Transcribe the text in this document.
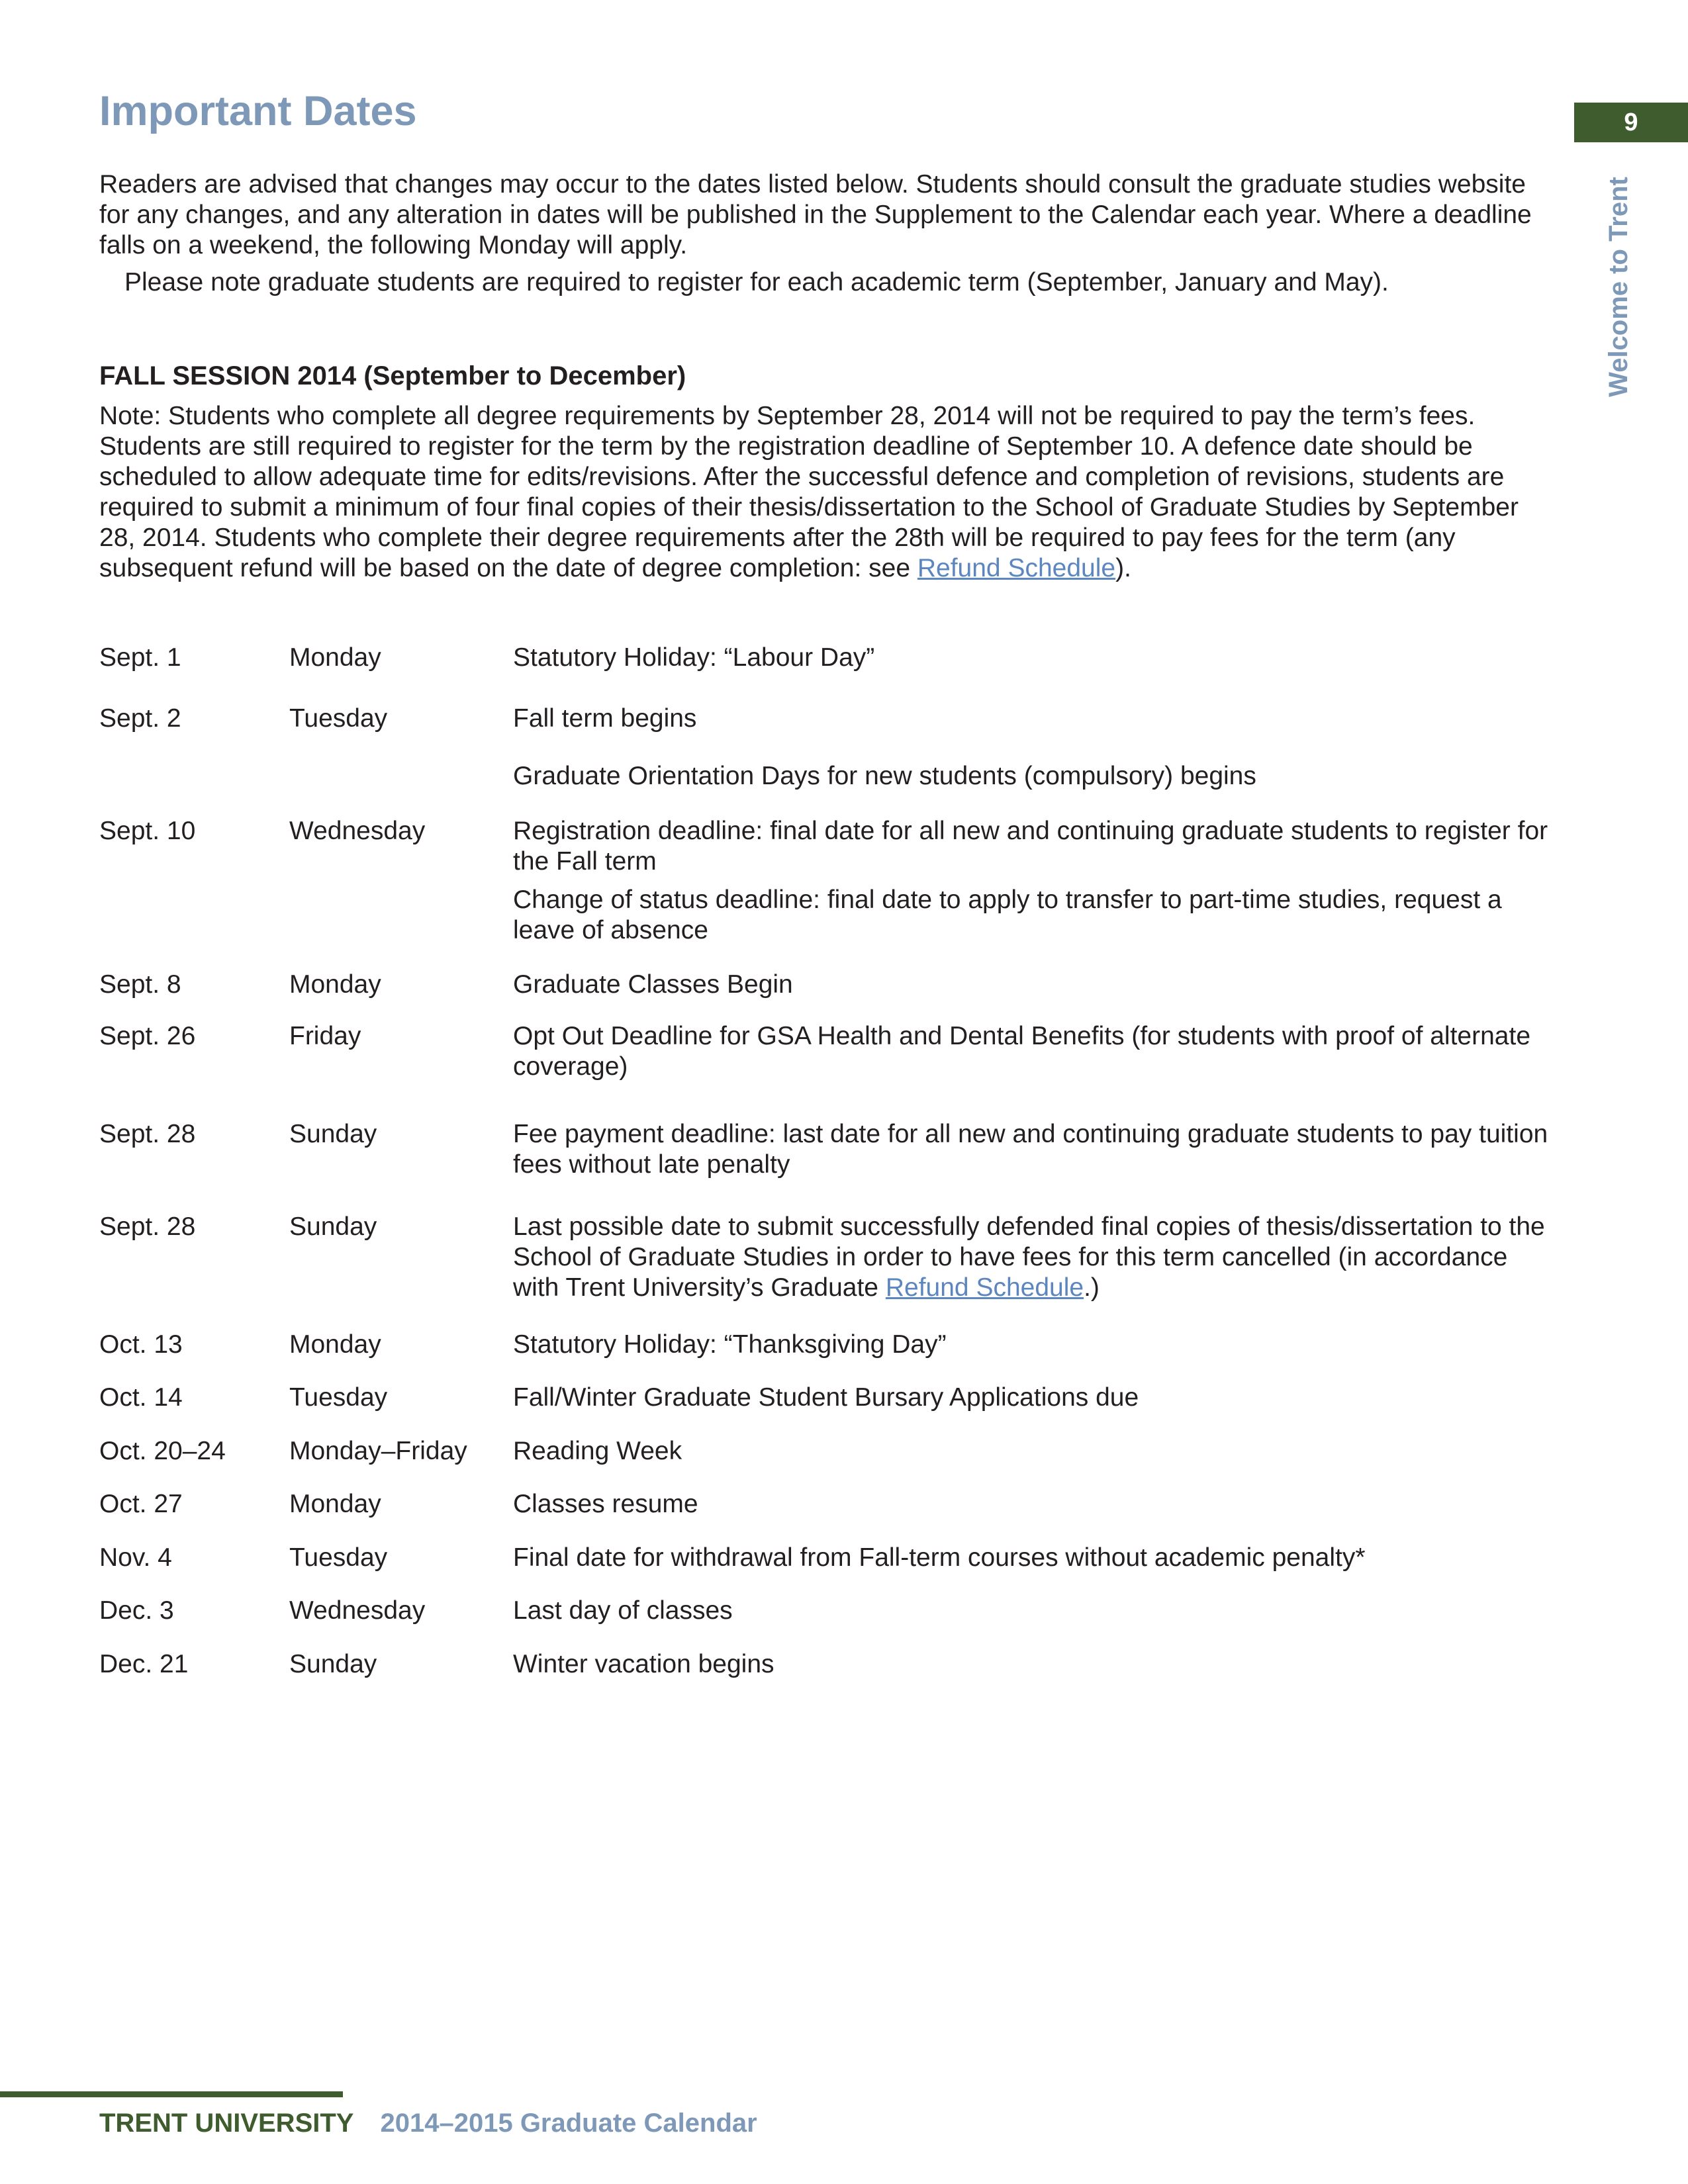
Important Dates	9
Welcome to Trent

Readers are advised that changes may occur to the dates listed below. Students should consult the graduate studies website for any changes, and any alteration in dates will be published in the Supplement to the Calendar each year. Where a deadline falls on a weekend, the following Monday will apply.

Please note graduate students are required to register for each academic term (September, January and May).

FALL SESSION 2014 (September to December)

Note: Students who complete all degree requirements by September 28, 2014 will not be required to pay the term’s fees. Students are still required to register for the term by the registration deadline of September 10. A defence date should be scheduled to allow adequate time for edits/revisions. After the successful defence and completion of revisions, students are required to submit a minimum of four final copies of their thesis/dissertation to the School of Graduate Studies by September 28, 2014. Students who complete their degree requirements after the 28th will be required to pay fees for the term (any subsequent refund will be based on the date of degree completion: see Refund Schedule).

Sept. 1	Monday	Statutory Holiday: “Labour Day”
Sept. 2	Tuesday	Fall term begins
Graduate Orientation Days for new students (compulsory) begins
Sept. 10	Wednesday	Registration deadline: final date for all new and continuing graduate students to register for the Fall term
Change of status deadline: final date to apply to transfer to part-time studies, request a leave of absence
Sept. 8	Monday	Graduate Classes Begin
Sept. 26	Friday	Opt Out Deadline for GSA Health and Dental Benefits (for students with proof of alternate coverage)
Sept. 28	Sunday	Fee payment deadline: last date for all new and continuing graduate students to pay tuition fees without late penalty
Sept. 28	Sunday	Last possible date to submit successfully defended final copies of thesis/dissertation to the School of Graduate Studies in order to have fees for this term cancelled (in accordance with Trent University’s Graduate Refund Schedule.)
Oct. 13	Monday	Statutory Holiday: “Thanksgiving Day”
Oct. 14	Tuesday	Fall/Winter Graduate Student Bursary Applications due
Oct. 20–24 Monday–Friday Reading Week
Oct. 27	Monday	Classes resume
Nov. 4	Tuesday	Final date for withdrawal from Fall-term courses without academic penalty*
Dec. 3	Wednesday	Last day of classes
Dec. 21	Sunday	Winter vacation begins
TRENT UNIVERSITY 2014–2015 Graduate Calendar
